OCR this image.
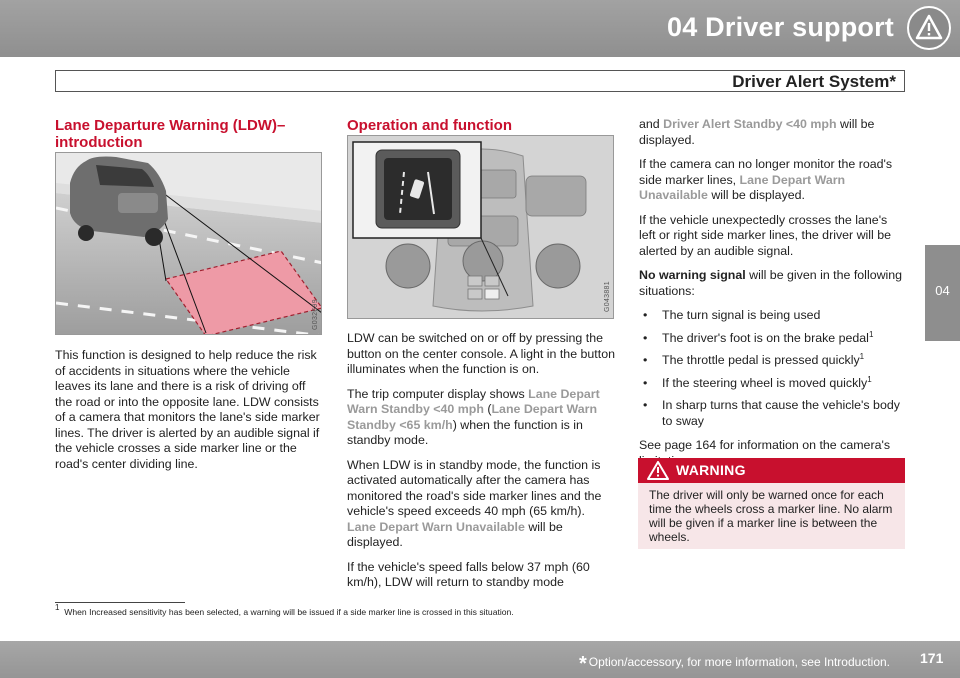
04 Driver support
Driver Alert System*
04
Lane Departure Warning (LDW)–
introduction
G032699

This function is designed to help reduce the risk of accidents in situations where the vehicle leaves its lane and there is a risk of driving off the road or into the opposite lane. LDW consists of a camera that monitors the lane's side marker lines. The driver is alerted by an audible signal if the vehicle crosses a side marker line or the road's center dividing line.

Operation and function
G043881

LDW can be switched on or off by pressing the button on the center console. A light in the button illuminates when the function is on.

The trip computer display shows Lane Depart Warn Standby <40 mph (Lane Depart Warn Standby <65 km/h) when the function is in standby mode.

When LDW is in standby mode, the function is activated automatically after the camera has monitored the road's side marker lines and the vehicle's speed exceeds 40 mph (65 km/h). Lane Depart Warn Unavailable will be displayed.

If the vehicle's speed falls below 37 mph (60 km/h), LDW will return to standby mode

and Driver Alert Standby <40 mph will be displayed.

If the camera can no longer monitor the road's side marker lines, Lane Depart Warn Unavailable will be displayed.

If the vehicle unexpectedly crosses the lane's left or right side marker lines, the driver will be alerted by an audible signal.

No warning signal will be given in the following situations:

• The turn signal is being used
• The driver's foot is on the brake pedal$^1$
• The throttle pedal is pressed quickly$^1$
• If the steering wheel is moved quickly$^1$
• In sharp turns that cause the vehicle's body to sway

See page 164 for information on the camera's

WARNING
The driver will only be warned once for each time the wheels cross a marker line. No alarm will be given if a marker line is between the wheels.
$^1$ When Increased sensitivity has been selected, a warning will be issued if a side marker line is crossed in this situation.
* Option/accessory, for more information, see Introduction. 171
